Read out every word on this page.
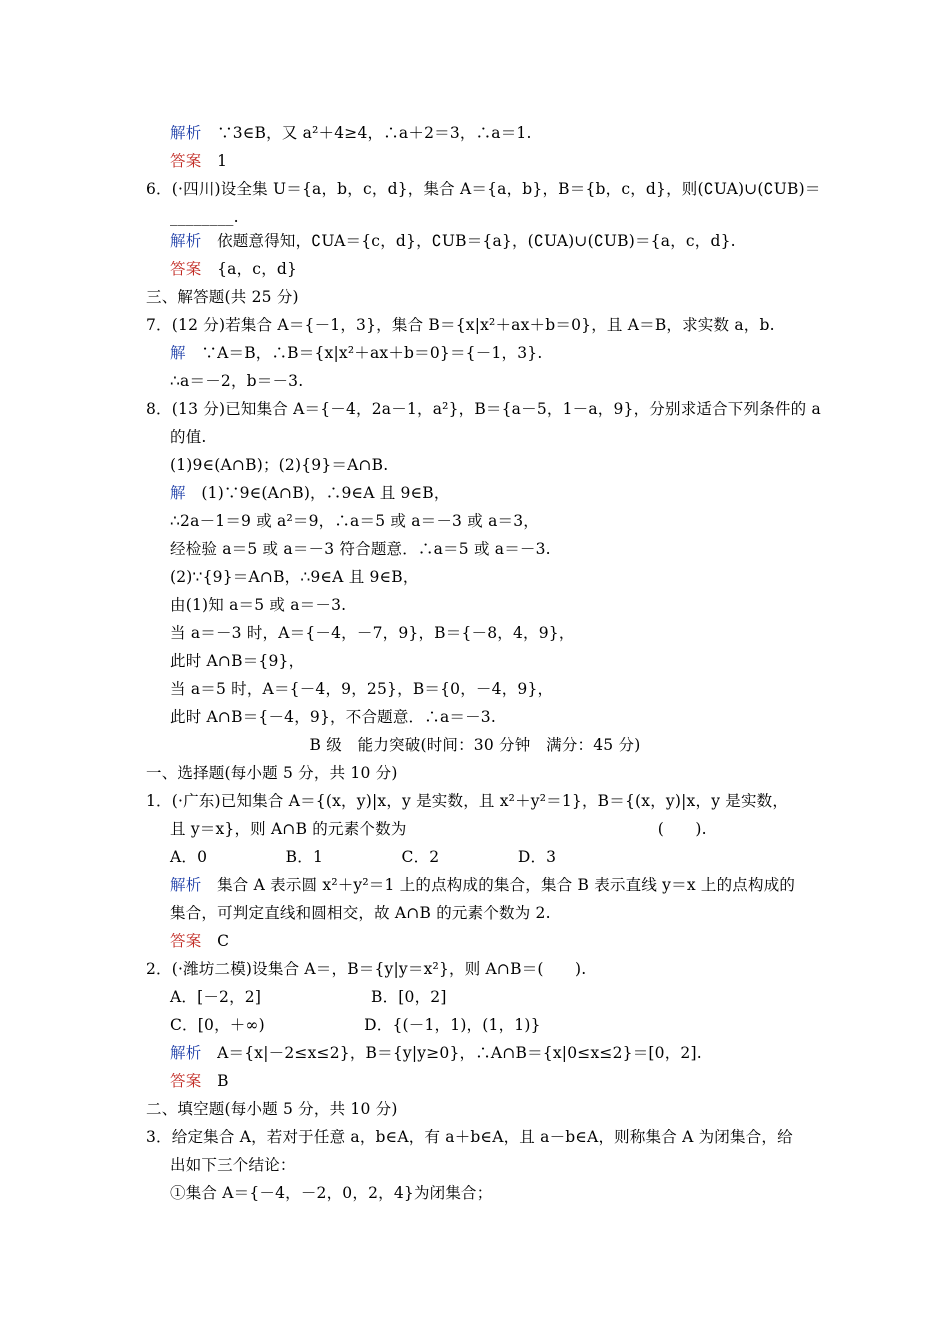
解析　∵3∈B，又 a²＋4≥4，∴a＋2＝3，∴a＝1.
答案　1
6．(·四川)设全集 U＝{a，b，c，d}，集合 A＝{a，b}，B＝{b，c，d}，则(∁UA)∪(∁UB)＝
________.
解析　依题意得知，∁UA＝{c，d}，∁UB＝{a}，(∁UA)∪(∁UB)＝{a，c，d}.
答案　{a，c，d}
三、解答题(共 25 分)
7．(12 分)若集合 A＝{－1，3}，集合 B＝{x|x²＋ax＋b＝0}，且 A＝B，求实数 a，b.
解　∵A＝B，∴B＝{x|x²＋ax＋b＝0}＝{－1，3}.
∴a＝－2，b＝－3.
8．(13 分)已知集合 A＝{－4，2a－1，a²}，B＝{a－5，1－a，9}，分别求适合下列条件的 a
的值.
(1)9∈(A∩B)；(2){9}＝A∩B.
解　(1)∵9∈(A∩B)，∴9∈A 且 9∈B，
∴2a－1＝9 或 a²＝9，∴a＝5 或 a＝－3 或 a＝3，
经检验 a＝5 或 a＝－3 符合题意．∴a＝5 或 a＝－3.
(2)∵{9}＝A∩B，∴9∈A 且 9∈B，
由(1)知 a＝5 或 a＝－3.
当 a＝－3 时，A＝{－4，－7，9}，B＝{－8，4，9}，
此时 A∩B＝{9}，
当 a＝5 时，A＝{－4，9，25}，B＝{0，－4，9}，
此时 A∩B＝{－4，9}，不合题意．∴a＝－3.
B 级　能力突破(时间：30 分钟　满分：45 分)
一、选择题(每小题 5 分，共 10 分)
1．(·广东)已知集合 A＝{(x，y)|x，y 是实数，且 x²＋y²＝1}，B＝{(x，y)|x，y 是实数，
且 y＝x}，则 A∩B 的元素个数为　　　　　　　　　　　　　　　　(　　).
A．0　　　　　B．1　　　　　C．2　　　　　D．3
解析　集合 A 表示圆 x²＋y²＝1 上的点构成的集合，集合 B 表示直线 y＝x 上的点构成的
集合，可判定直线和圆相交，故 A∩B 的元素个数为 2.
答案　C
2．(·潍坊二模)设集合 A＝，B＝{y|y＝x²}，则 A∩B＝(　　).
A．[－2，2]　　　　　　　B．[0，2]
C．[0，＋∞)　　　　　　 D．{(－1，1)，(1，1)}
解析　A＝{x|－2≤x≤2}，B＝{y|y≥0}，∴A∩B＝{x|0≤x≤2}＝[0，2].
答案　B
二、填空题(每小题 5 分，共 10 分)
3．给定集合 A，若对于任意 a，b∈A，有 a＋b∈A，且 a－b∈A，则称集合 A 为闭集合，给
出如下三个结论：
①集合 A＝{－4，－2，0，2，4}为闭集合；
